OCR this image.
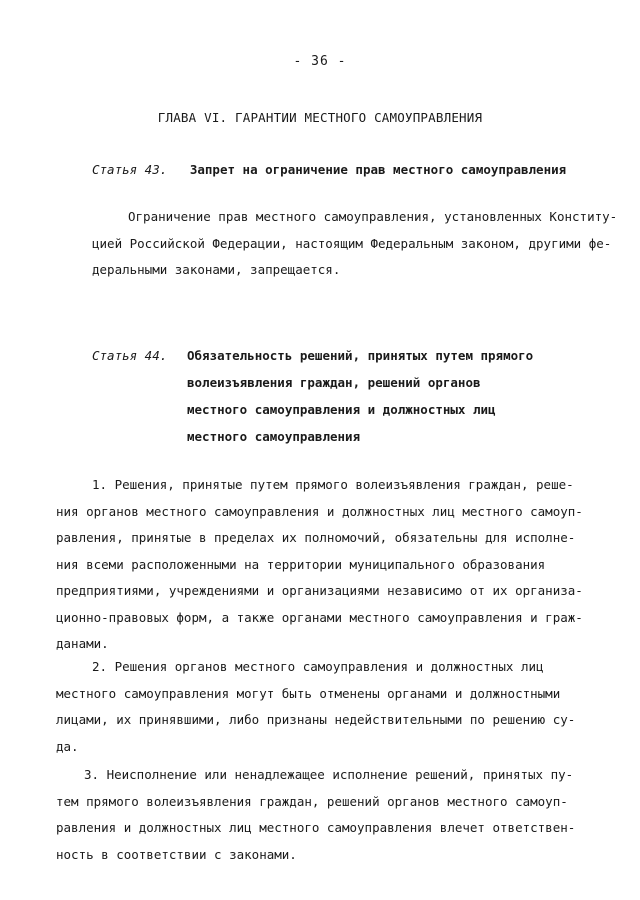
- 36 -
ГЛАВА VI. ГАРАНТИИ МЕСТНОГО САМОУПРАВЛЕНИЯ
Статья 43. Запрет на ограничение прав местного самоуправления
Ограничение прав местного самоуправления, установленных Конститу-
цией Российской Федерации, настоящим Федеральным законом, другими фе-
деральными законами, запрещается.
Статья 44. Обязательность решений, принятых путем прямого
волеизъявления граждан, решений органов
местного самоуправления и должностных лиц
местного самоуправления
1. Решения, принятые путем прямого волеизъявления граждан, реше-
ния органов местного самоуправления и должностных лиц местного самоуп-
равления, принятые в пределах их полномочий, обязательны для исполне-
ния всеми расположенными на территории муниципального образования
предприятиями, учреждениями и организациями независимо от их организа-
ционно-правовых форм, а также органами местного самоуправления и граж-
данами.
2. Решения органов местного самоуправления и должностных лиц
местного самоуправления могут быть отменены органами и должностными
лицами, их принявшими, либо признаны недействительными по решению су-
да.
3. Неисполнение или ненадлежащее исполнение решений, принятых пу-
тем прямого волеизъявления граждан, решений органов местного самоуп-
равления и должностных лиц местного самоуправления влечет ответствен-
ность в соответствии с законами.
